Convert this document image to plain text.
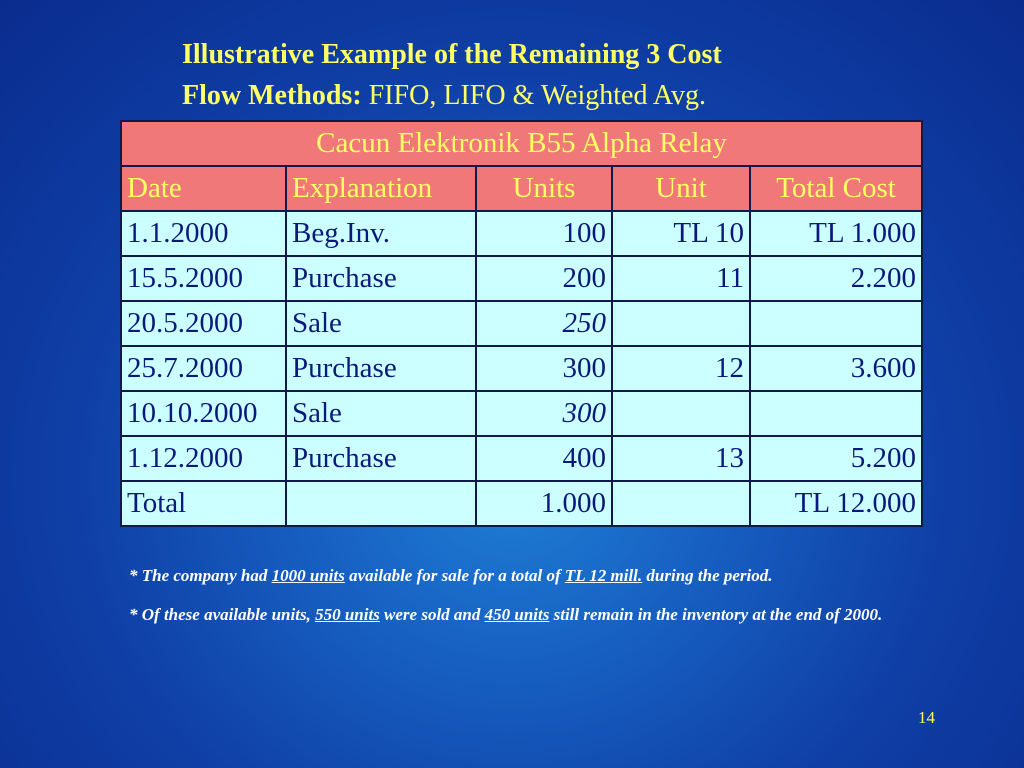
Illustrative Example of the Remaining 3 Cost
Flow Methods: FIFO, LIFO & Weighted Avg.
Cacun Elektronik B55 Alpha Relay				
Date	Explanation	Units	Unit	Total Cost
1.1.2000	Beg.Inv.	100	TL 10	TL 1.000
15.5.2000	Purchase	200	11	2.200
20.5.2000	Sale	250		
25.7.2000	Purchase	300	12	3.600
10.10.2000	Sale	300		
1.12.2000	Purchase	400	13	5.200
Total		1.000		TL 12.000

* The company had 1000 units available for sale for a total of TL 12 mill. during the period.

* Of these available units, 550 units were sold and 450 units still remain in the inventory at the end of 2000.

14
